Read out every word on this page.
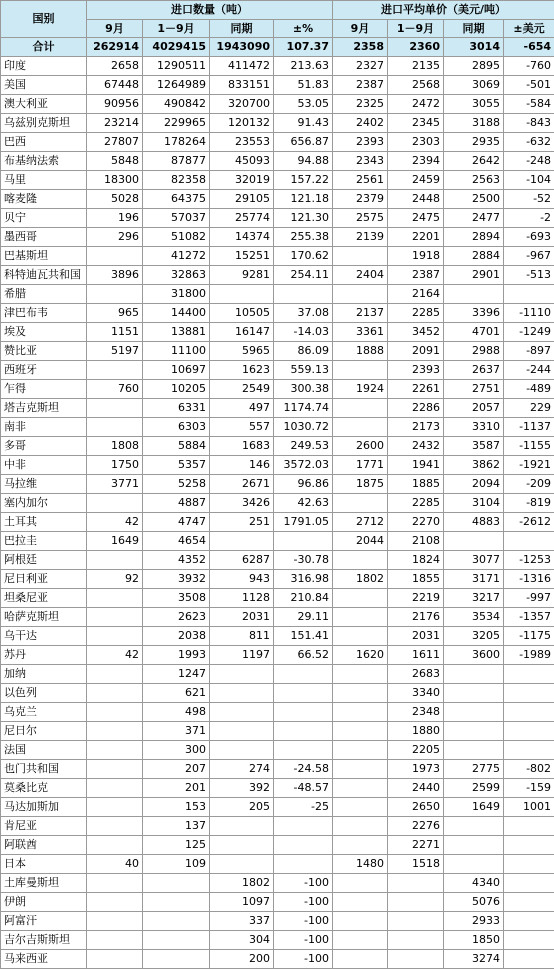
国别	进口数量（吨）				进口平均单价（美元/吨）			
	9月	1－9月	同期	±%	9月	1－9月	同期	±美元
合计	262914	4029415	1943090	107.37	2358	2360	3014	-654
印度	2658	1290511	411472	213.63	2327	2135	2895	-760
美国	67448	1264989	833151	51.83	2387	2568	3069	-501
澳大利亚	90956	490842	320700	53.05	2325	2472	3055	-584
乌兹别克斯坦	23214	229965	120132	91.43	2402	2345	3188	-843
巴西	27807	178264	23553	656.87	2393	2303	2935	-632
布基纳法索	5848	87877	45093	94.88	2343	2394	2642	-248
马里	18300	82358	32019	157.22	2561	2459	2563	-104
喀麦隆	5028	64375	29105	121.18	2379	2448	2500	-52
贝宁	196	57037	25774	121.30	2575	2475	2477	-2
墨西哥	296	51082	14374	255.38	2139	2201	2894	-693
巴基斯坦		41272	15251	170.62		1918	2884	-967
科特迪瓦共和国	3896	32863	9281	254.11	2404	2387	2901	-513
希腊		31800				2164		
津巴布韦	965	14400	10505	37.08	2137	2285	3396	-1110
埃及	1151	13881	16147	-14.03	3361	3452	4701	-1249
赞比亚	5197	11100	5965	86.09	1888	2091	2988	-897
西班牙		10697	1623	559.13		2393	2637	-244
乍得	760	10205	2549	300.38	1924	2261	2751	-489
塔吉克斯坦		6331	497	1174.74		2286	2057	229
南非		6303	557	1030.72		2173	3310	-1137
多哥	1808	5884	1683	249.53	2600	2432	3587	-1155
中非	1750	5357	146	3572.03	1771	1941	3862	-1921
马拉维	3771	5258	2671	96.86	1875	1885	2094	-209
塞内加尔		4887	3426	42.63		2285	3104	-819
土耳其	42	4747	251	1791.05	2712	2270	4883	-2612
巴拉圭	1649	4654			2044	2108		
阿根廷		4352	6287	-30.78		1824	3077	-1253
尼日利亚	92	3932	943	316.98	1802	1855	3171	-1316
坦桑尼亚		3508	1128	210.84		2219	3217	-997
哈萨克斯坦		2623	2031	29.11		2176	3534	-1357
乌干达		2038	811	151.41		2031	3205	-1175
苏丹	42	1993	1197	66.52	1620	1611	3600	-1989
加纳		1247				2683		
以色列		621				3340		
乌克兰		498				2348		
尼日尔		371				1880		
法国		300				2205		
也门共和国		207	274	-24.58		1973	2775	-802
莫桑比克		201	392	-48.57		2440	2599	-159
马达加斯加		153	205	-25		2650	1649	1001
肯尼亚		137				2276		
阿联酋		125				2271		
日本	40	109			1480	1518		
土库曼斯坦			1802	-100			4340	
伊朗			1097	-100			5076	
阿富汗			337	-100			2933	
吉尔吉斯斯坦			304	-100			1850	
马来西亚			200	-100			3274	
